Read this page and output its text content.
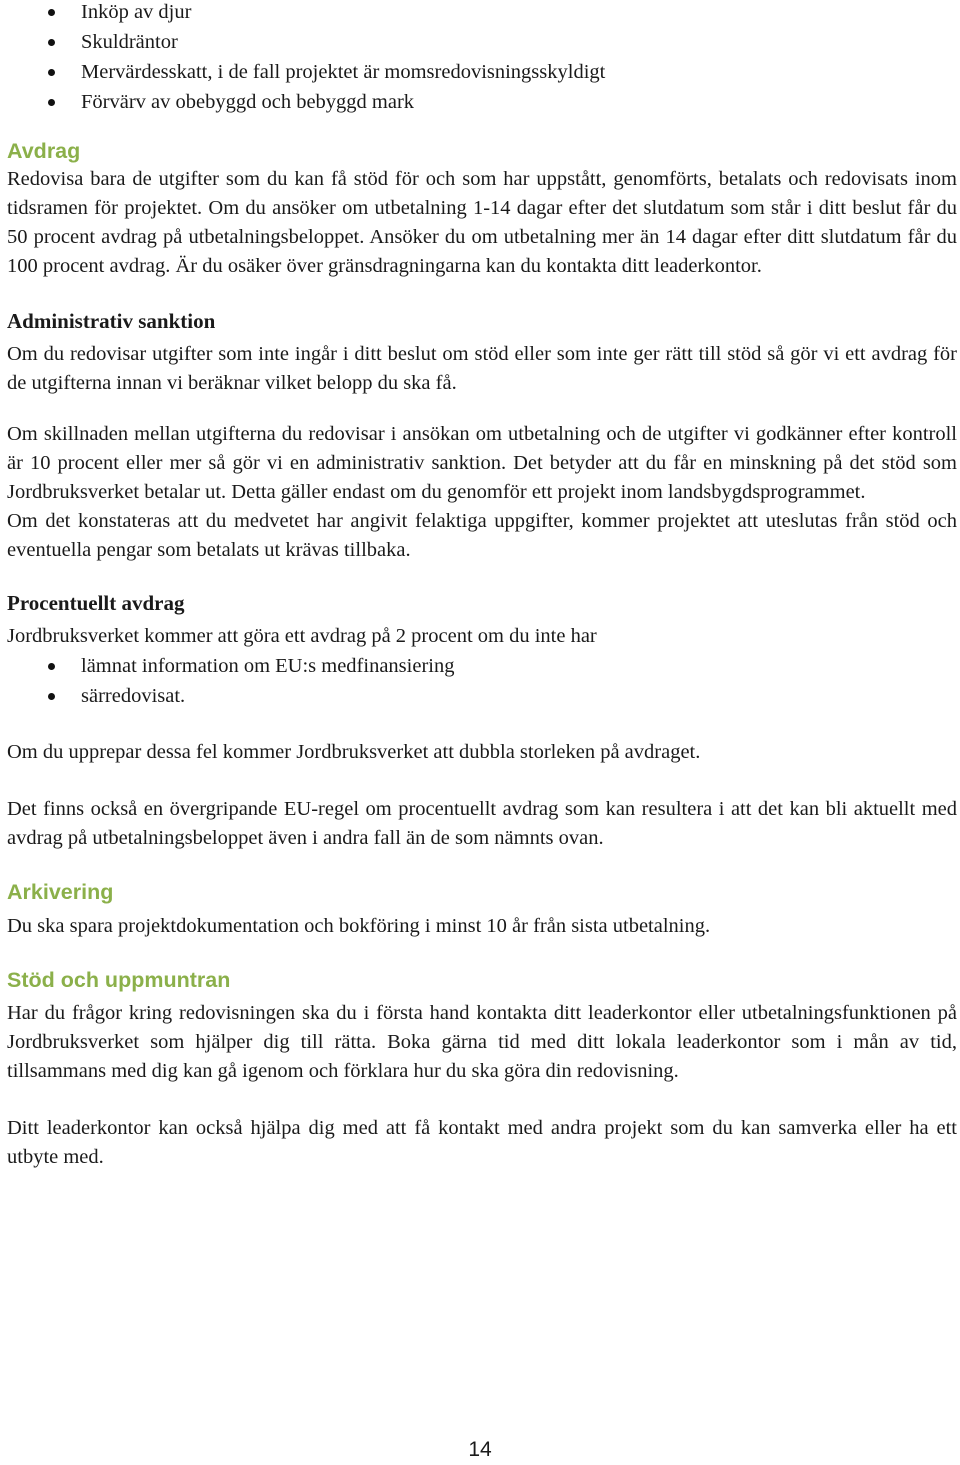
Inköp av djur
Skuldräntor
Mervärdesskatt, i de fall projektet är momsredovisningsskyldigt
Förvärv av obebyggd och bebyggd mark
Avdrag

Redovisa bara de utgifter som du kan få stöd för och som har uppstått, genomförts, betalats och redovisats inom tidsramen för projektet. Om du ansöker om utbetalning 1-14 dagar efter det slutdatum som står i ditt beslut får du 50 procent avdrag på utbetalningsbeloppet. Ansöker du om utbetalning mer än 14 dagar efter ditt slutdatum får du 100 procent avdrag. Är du osäker över gränsdragningarna kan du kontakta ditt leaderkontor.

Administrativ sanktion

Om du redovisar utgifter som inte ingår i ditt beslut om stöd eller som inte ger rätt till stöd så gör vi ett avdrag för de utgifterna innan vi beräknar vilket belopp du ska få.

Om skillnaden mellan utgifterna du redovisar i ansökan om utbetalning och de utgifter vi godkänner efter kontroll är 10 procent eller mer så gör vi en administrativ sanktion. Det betyder att du får en minskning på det stöd som Jordbruksverket betalar ut. Detta gäller endast om du genomför ett projekt inom landsbygdsprogrammet.

Om det konstateras att du medvetet har angivit felaktiga uppgifter, kommer projektet att uteslutas från stöd och eventuella pengar som betalats ut krävas tillbaka.

Procentuellt avdrag

Jordbruksverket kommer att göra ett avdrag på 2 procent om du inte har

lämnat information om EU:s medfinansiering
särredovisat.

Om du upprepar dessa fel kommer Jordbruksverket att dubbla storleken på avdraget.

Det finns också en övergripande EU-regel om procentuellt avdrag som kan resultera i att det kan bli aktuellt med avdrag på utbetalningsbeloppet även i andra fall än de som nämnts ovan.

Arkivering

Du ska spara projektdokumentation och bokföring i minst 10 år från sista utbetalning.

Stöd och uppmuntran

Har du frågor kring redovisningen ska du i första hand kontakta ditt leaderkontor eller utbetalningsfunktionen på Jordbruksverket som hjälper dig till rätta. Boka gärna tid med ditt lokala leaderkontor som i mån av tid, tillsammans med dig kan gå igenom och förklara hur du ska göra din redovisning.

Ditt leaderkontor kan också hjälpa dig med att få kontakt med andra projekt som du kan samverka eller ha ett utbyte med.

14
